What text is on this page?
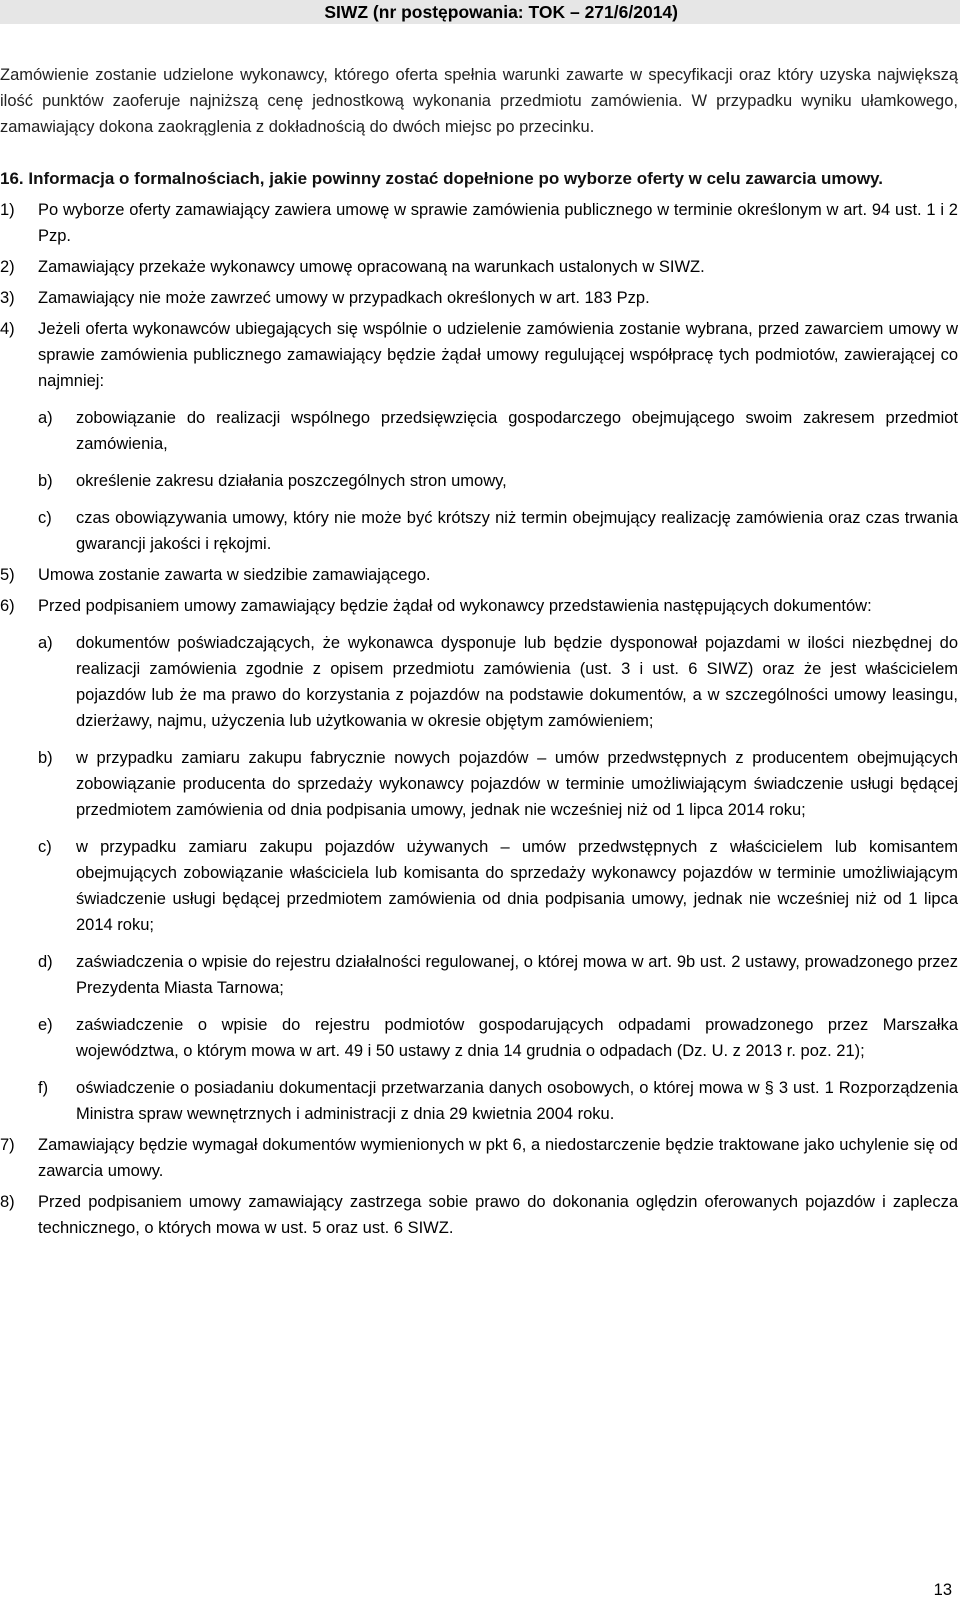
SIWZ (nr postępowania: TOK – 271/6/2014)

Zamówienie zostanie udzielone wykonawcy, którego oferta spełnia warunki zawarte w specyfikacji oraz który uzyska największą ilość punktów zaoferuje najniższą cenę jednostkową wykonania przedmiotu zamówienia. W przypadku wyniku ułamkowego, zamawiający dokona zaokrąglenia z dokładnością do dwóch miejsc po przecinku.

16. Informacja o formalnościach, jakie powinny zostać dopełnione po wyborze oferty w celu zawarcia umowy.

1)	Po wyborze oferty zamawiający zawiera umowę w sprawie zamówienia publicznego w terminie określonym w art. 94 ust. 1 i 2 Pzp.
2)	Zamawiający przekaże wykonawcy umowę opracowaną na warunkach ustalonych w SIWZ.
3)	Zamawiający nie może zawrzeć umowy w przypadkach określonych w art. 183 Pzp.
4)	Jeżeli oferta wykonawców ubiegających się wspólnie o udzielenie zamówienia zostanie wybrana, przed zawarciem umowy w sprawie zamówienia publicznego zamawiający będzie żądał umowy regulującej współpracę tych podmiotów, zawierającej co najmniej:
a)	zobowiązanie do realizacji wspólnego przedsięwzięcia gospodarczego obejmującego swoim zakresem przedmiot zamówienia,
b)	określenie zakresu działania poszczególnych stron umowy,
c)	czas obowiązywania umowy, który nie może być krótszy niż termin obejmujący realizację zamówienia oraz czas trwania gwarancji jakości i rękojmi.
5)	Umowa zostanie zawarta w siedzibie zamawiającego.
6)	Przed podpisaniem umowy zamawiający będzie żądał od wykonawcy przedstawienia następujących dokumentów:
a)	dokumentów poświadczających, że wykonawca dysponuje lub będzie dysponował pojazdami w ilości niezbędnej do realizacji zamówienia zgodnie z opisem przedmiotu zamówienia (ust. 3 i ust. 6 SIWZ) oraz że jest właścicielem pojazdów lub że ma prawo do korzystania z pojazdów na podstawie dokumentów, a w szczególności umowy leasingu, dzierżawy, najmu, użyczenia lub użytkowania w okresie objętym zamówieniem;
b)	w przypadku zamiaru zakupu fabrycznie nowych pojazdów – umów przedwstępnych z producentem obejmujących zobowiązanie producenta do sprzedaży wykonawcy pojazdów w terminie umożliwiającym świadczenie usługi będącej przedmiotem zamówienia od dnia podpisania umowy, jednak nie wcześniej niż od 1 lipca 2014 roku;
c)	w przypadku zamiaru zakupu pojazdów używanych – umów przedwstępnych z właścicielem lub komisantem obejmujących zobowiązanie właściciela lub komisanta do sprzedaży wykonawcy pojazdów w terminie umożliwiającym świadczenie usługi będącej przedmiotem zamówienia od dnia podpisania umowy, jednak nie wcześniej niż od 1 lipca 2014 roku;
d)	zaświadczenia o wpisie do rejestru działalności regulowanej, o której mowa w art. 9b ust. 2 ustawy, prowadzonego przez Prezydenta Miasta Tarnowa;
e)	zaświadczenie o wpisie do rejestru podmiotów gospodarujących odpadami prowadzonego przez Marszałka województwa, o którym mowa w art. 49 i 50 ustawy z dnia 14 grudnia o odpadach (Dz. U. z 2013 r. poz. 21);
f)	oświadczenie o posiadaniu dokumentacji przetwarzania danych osobowych, o której mowa w § 3 ust. 1 Rozporządzenia Ministra spraw wewnętrznych i administracji z dnia 29 kwietnia 2004 roku.
7)	Zamawiający będzie wymagał dokumentów wymienionych w pkt 6, a niedostarczenie będzie traktowane jako uchylenie się od zawarcia umowy.
8)	Przed podpisaniem umowy zamawiający zastrzega sobie prawo do dokonania oględzin oferowanych pojazdów i zaplecza technicznego, o których mowa w ust. 5 oraz ust. 6 SIWZ.
13
